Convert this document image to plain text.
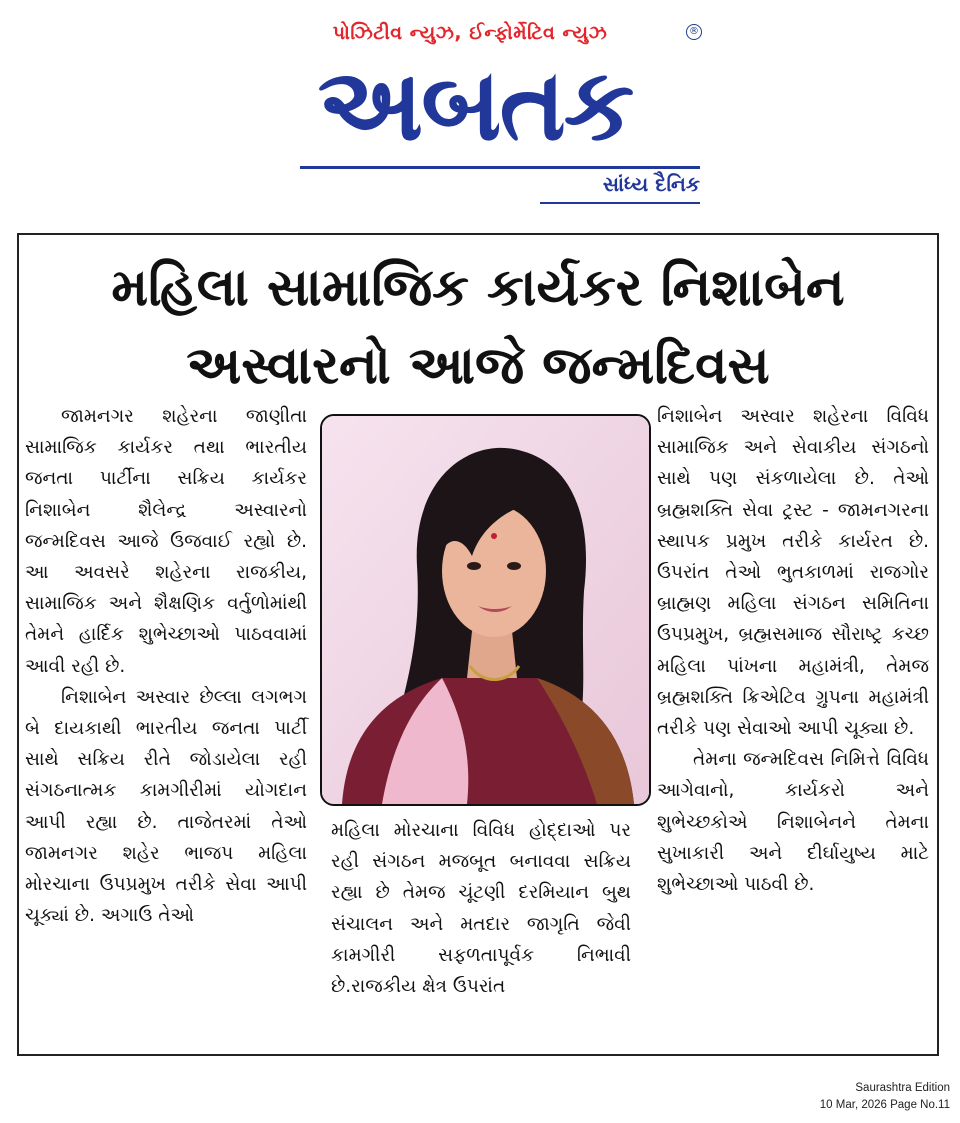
પોઝિટીવ ન્યુઝ, ઈન્ફોર્મેટિવ ન્યુઝ	®
અબતક
સાંધ્ય દૈનિક
મહિલા સામાજિક કાર્યકર નિશાબેન
અસ્વારનો આજે જન્મદિવસ

જામનગર શહેરના જાણીતા સામાજિક કાર્યકર તથા ભારતીય જનતા પાર્ટીના સક્રિય કાર્યકર નિશાબેન શૈલેન્દ્ર અસ્વારનો જન્મદિવસ આજે ઉજવાઈ રહ્યો છે. આ અવસરે શહેરના રાજકીય, સામાજિક અને શૈક્ષણિક વર્તુળોમાંથી તેમને હાર્દિક શુભેચ્છાઓ પાઠવવામાં આવી રહી છે.

નિશાબેન અસ્વાર છેલ્લા લગભગ બે દાયકાથી ભારતીય જનતા પાર્ટી સાથે સક્રિય રીતે જોડાયેલા રહી સંગઠનાત્મક કામગીરીમાં યોગદાન આપી રહ્યા છે. તાજેતરમાં તેઓ જામનગર શહેર ભાજપ મહિલા મોરચાના ઉપપ્રમુખ તરીકે સેવા આપી ચૂક્યાં છે. અગાઉ તેઓ

મહિલા મોરચાના વિવિધ હોદ્દાઓ પર રહી સંગઠન મજબૂત બનાવવા સક્રિય રહ્યા છે તેમજ ચૂંટણી દરમિયાન બુથ સંચાલન અને મતદાર જાગૃતિ જેવી કામગીરી સફળતાપૂર્વક નિભાવી છે.રાજકીય ક્ષેત્ર ઉપરાંત

નિશાબેન અસ્વાર શહેરના વિવિધ સામાજિક અને સેવાકીય સંગઠનો સાથે પણ સંકળાયેલા છે. તેઓ બ્રહ્મશક્તિ સેવા ટ્રસ્ટ - જામનગરના સ્થાપક પ્રમુખ તરીકે કાર્યરત છે. ઉપરાંત તેઓ ભુતકાળમાં રાજગોર બ્રાહ્મણ મહિલા સંગઠન સમિતિના ઉપપ્રમુખ, બ્રહ્મસમાજ સૌરાષ્ટ્ર કચ્છ મહિલા પાંખના મહામંત્રી, તેમજ બ્રહ્મશક્તિ ક્રિએટિવ ગ્રુપના મહામંત્રી તરીકે પણ સેવાઓ આપી ચૂક્યા છે.

તેમના જન્મદિવસ નિમિત્તે વિવિધ આગેવાનો, કાર્યકરો અને શુભેચ્છકોએ નિશાબેનને તેમના સુખાકારી અને દીર્ઘાયુષ્ય માટે શુભેચ્છાઓ પાઠવી છે.

Saurashtra Edition
10 Mar, 2026 Page No.11
